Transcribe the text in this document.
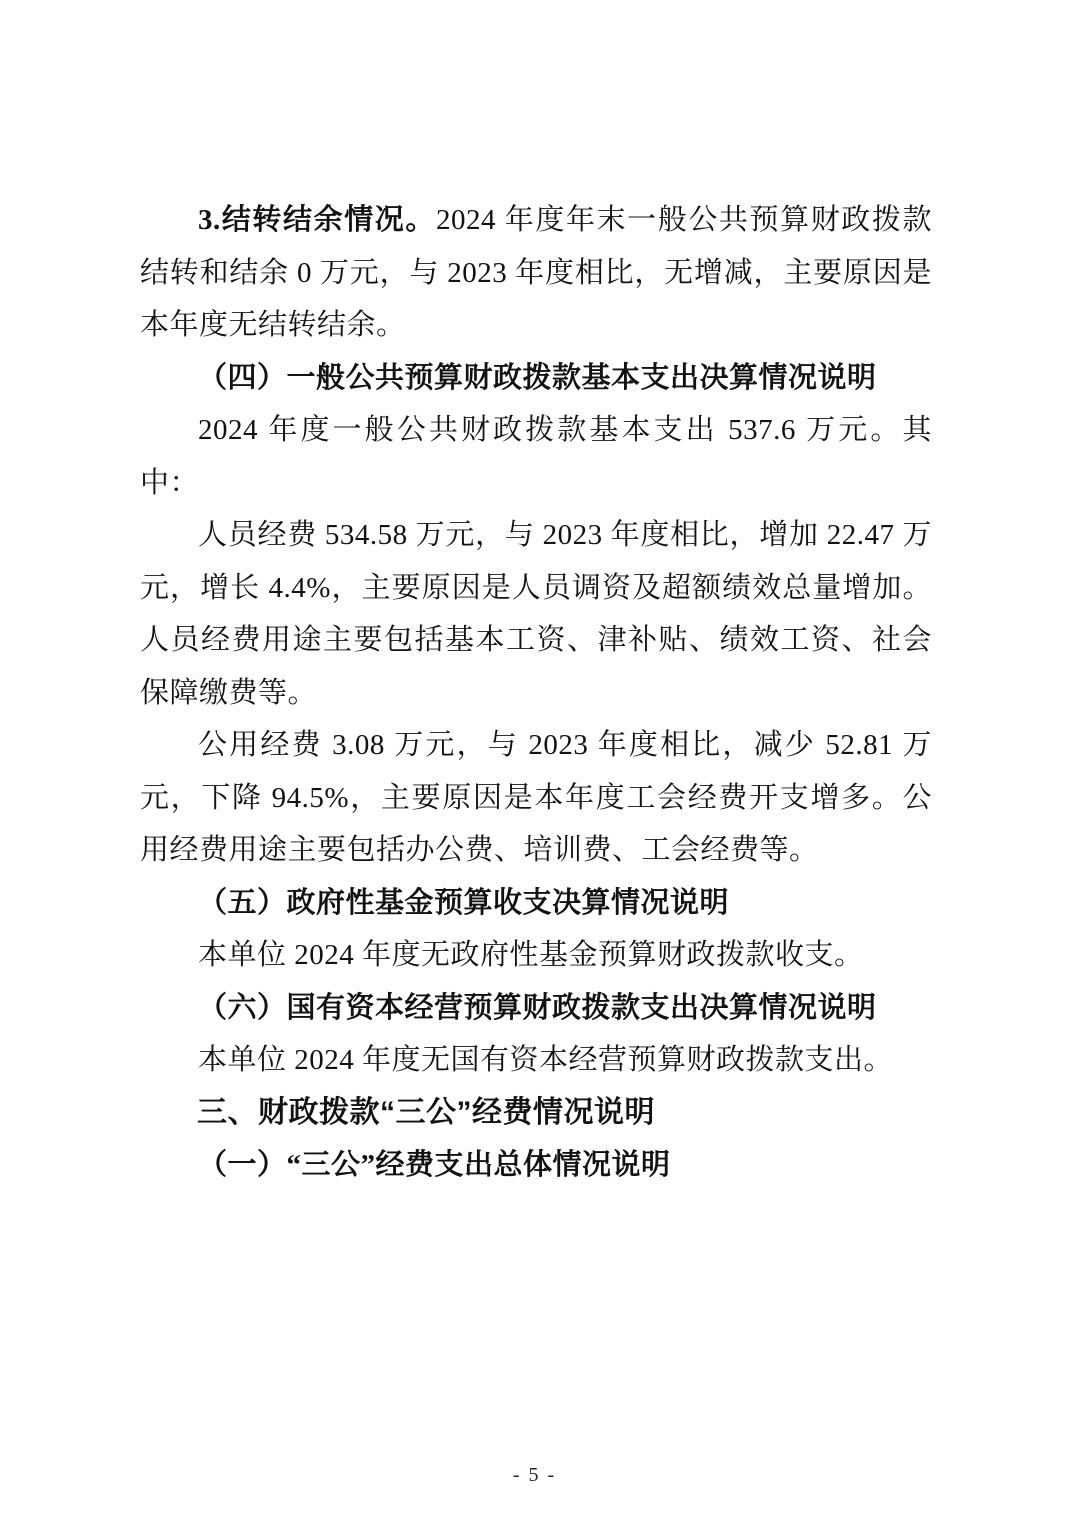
3.结转结余情况。2024 年度年末一般公共预算财政拨款结转和结余 0 万元，与 2023 年度相比，无增减，主要原因是本年度无结转结余。

（四）一般公共预算财政拨款基本支出决算情况说明

2024 年度一般公共财政拨款基本支出 537.6 万元。其中：

人员经费 534.58 万元，与 2023 年度相比，增加 22.47 万元，增长 4.4%，主要原因是人员调资及超额绩效总量增加。人员经费用途主要包括基本工资、津补贴、绩效工资、社会保障缴费等。

公用经费 3.08 万元，与 2023 年度相比，减少 52.81 万元，下降 94.5%，主要原因是本年度工会经费开支增多。公用经费用途主要包括办公费、培训费、工会经费等。

（五）政府性基金预算收支决算情况说明

本单位 2024 年度无政府性基金预算财政拨款收支。

（六）国有资本经营预算财政拨款支出决算情况说明

本单位 2024 年度无国有资本经营预算财政拨款支出。

三、财政拨款“三公”经费情况说明

（一）“三公”经费支出总体情况说明

- 5 -
